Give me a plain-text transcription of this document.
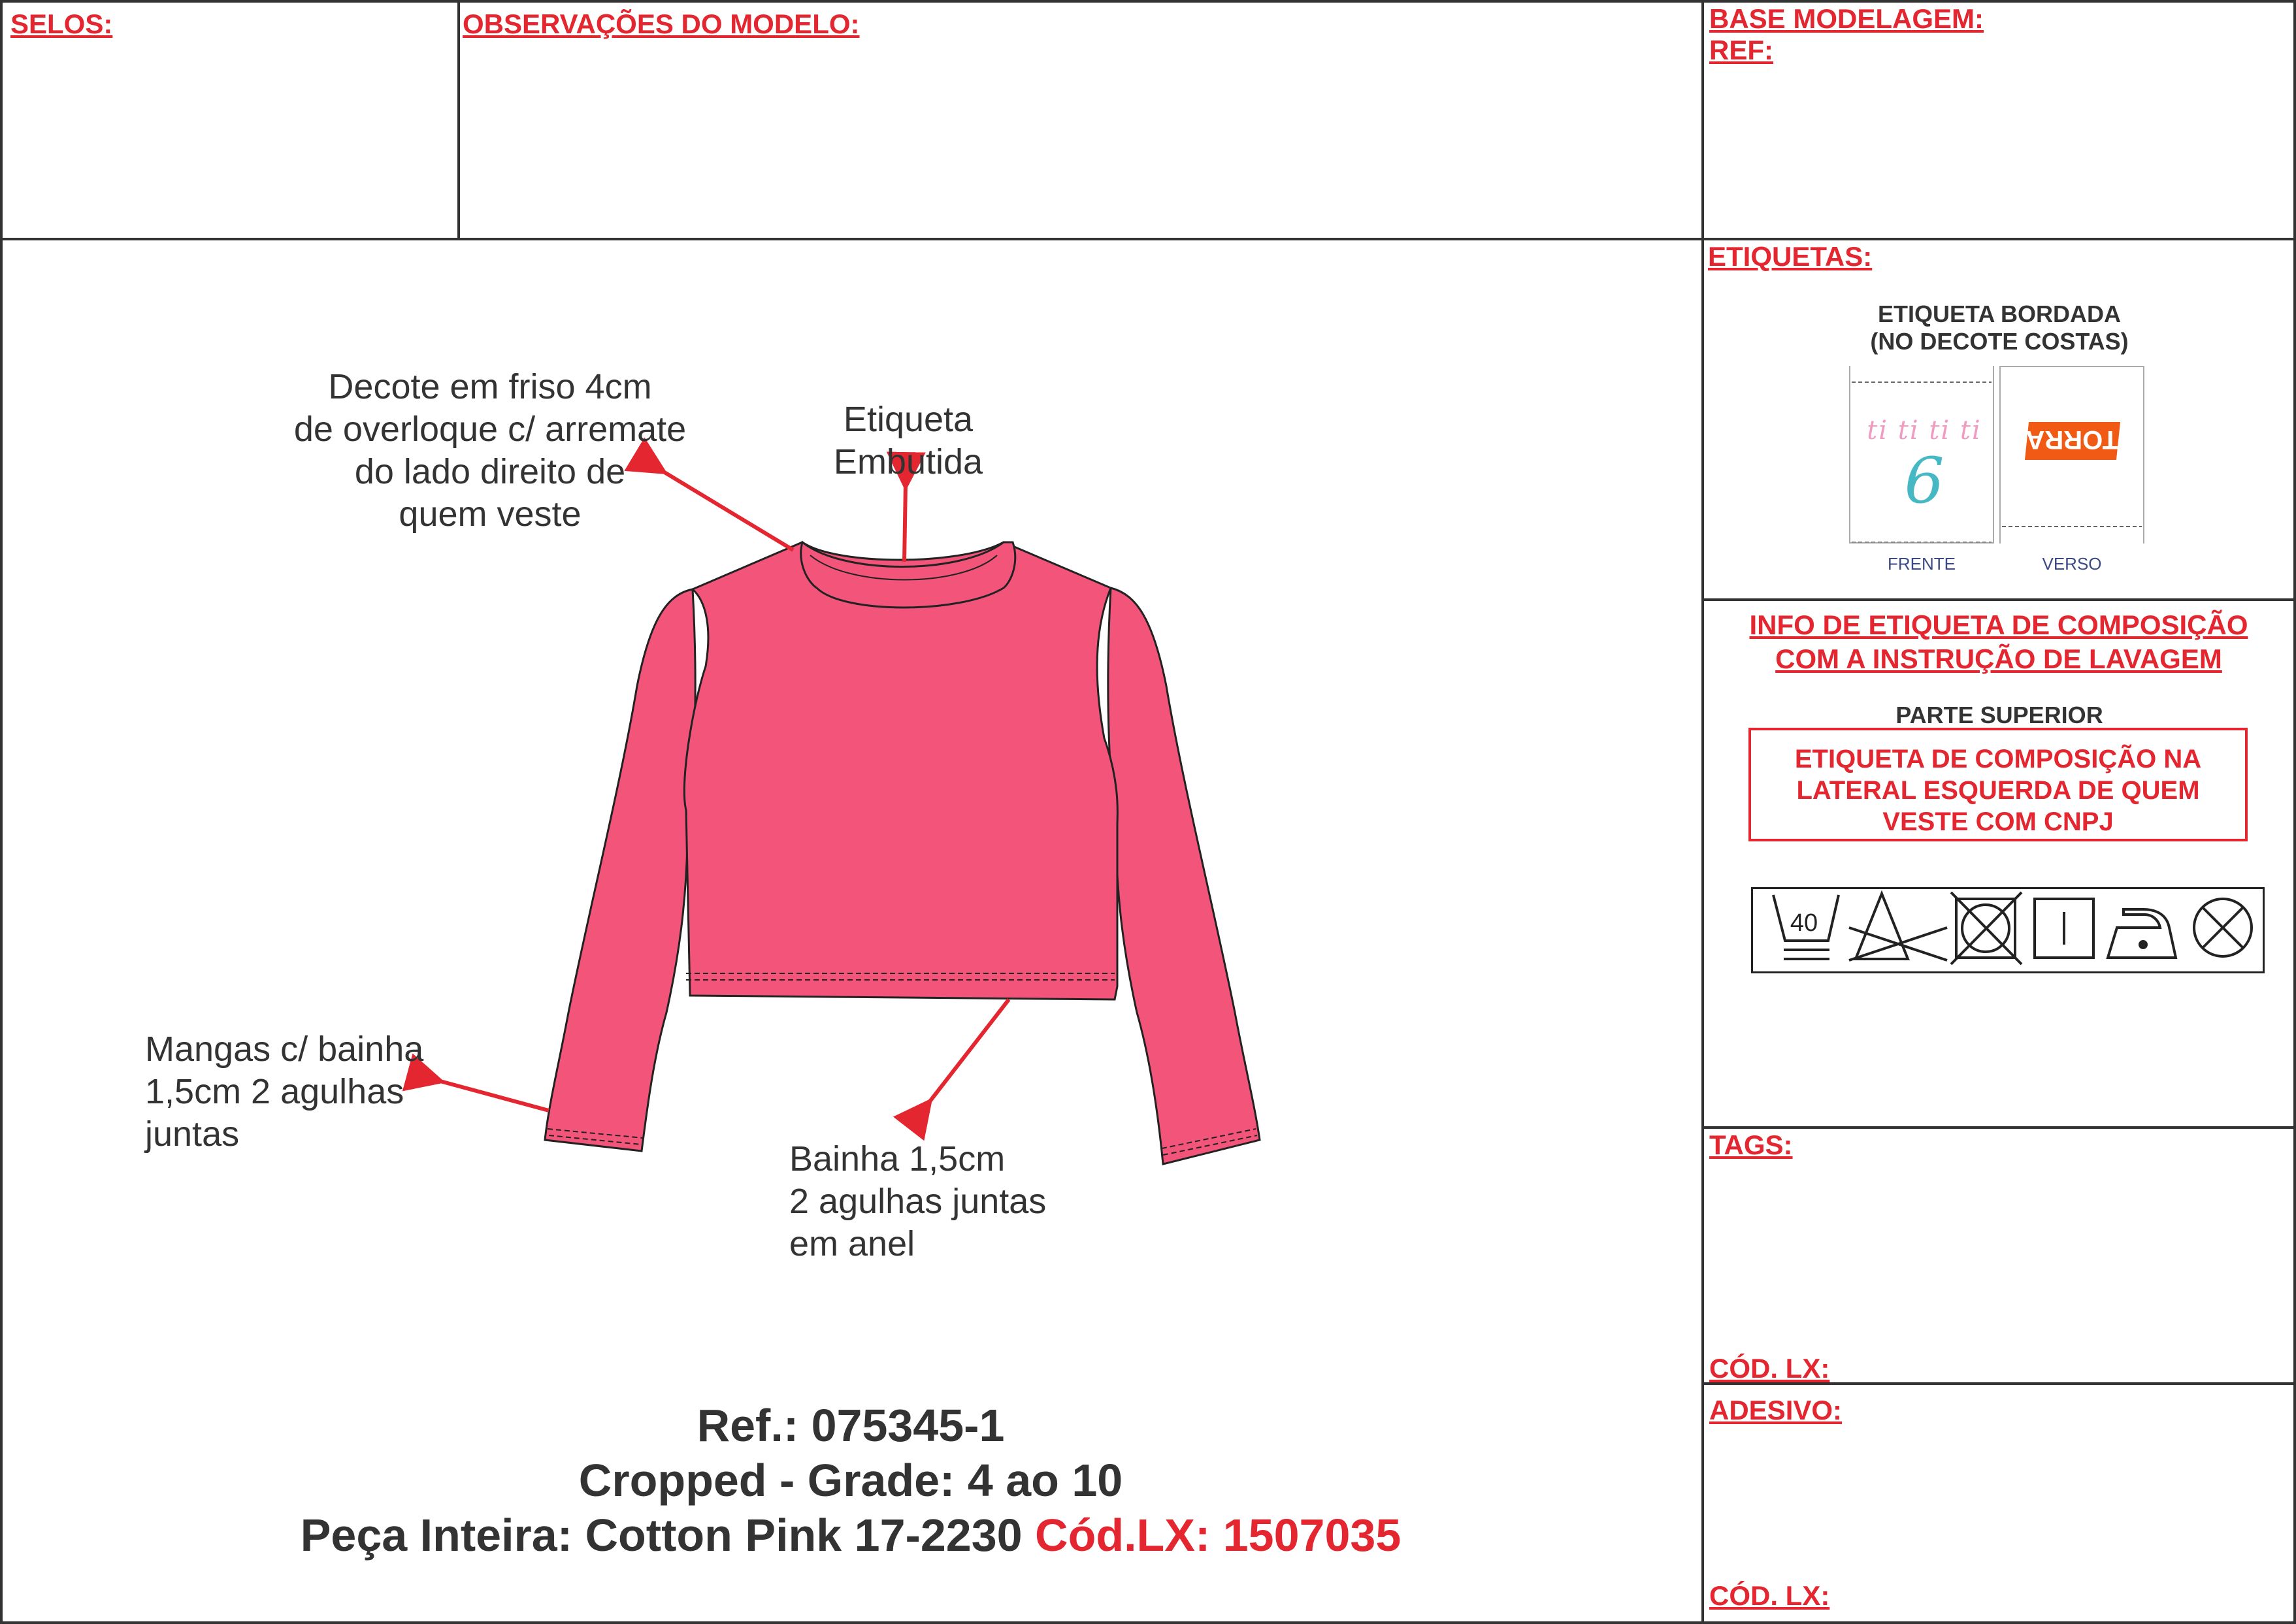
SELOS:	OBSERVAÇÕES DO MODELO:	BASE MODELAGEM:
REF:
ETIQUETAS:
ETIQUETA BORDADA
(NO DECOTE COSTAS)
ti ti ti ti
6
TORRA
FRENTE	VERSO
INFO DE ETIQUETA DE COMPOSIÇÃO
COM A INSTRUÇÃO DE LAVAGEM
PARTE SUPERIOR
ETIQUETA DE COMPOSIÇÃO NA
LATERAL ESQUERDA DE QUEM
VESTE COM CNPJ
40
TAGS:
CÓD. LX:
ADESIVO:
CÓD. LX:
Decote em friso 4cm
de overloque c/ arremate
do lado direito de
quem veste
Etiqueta
Embutida
Mangas c/ bainha
1,5cm 2 agulhas
juntas
Bainha 1,5cm
2 agulhas juntas
em anel
Ref.: 075345-1
Cropped - Grade: 4 ao 10
Peça Inteira: Cotton Pink 17-2230 Cód.LX: 1507035
